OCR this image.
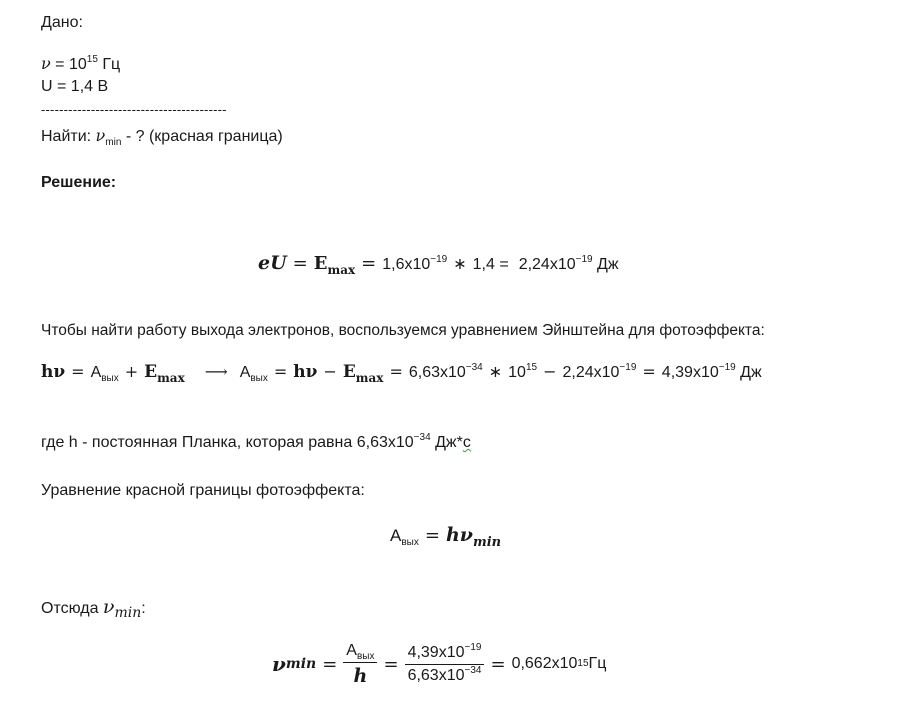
Дано:
$\nu = 10^{15}$ Гц
U = 1,4 В
-----------------------------------------
Найти: $\nu_{min}$ - ? (красная граница)
Решение:
eU = $E_{max} = 1,6x10^{-19}$ ∗ $1,4 = 2,24x10^{-19}$ Дж
Чтобы найти работу выхода электронов, воспользуемся уравнением Эйнштейна для фотоэффекта:
$h\nu = A_{вых} + E_{max}$ ⟶ $A_{вых} = h\nu - E_{max} = 6,63x10^{-34}$ ∗ $10^{15} - 2,24x10^{-19} = 4,39x10^{-19}$ Дж
где h - постоянная Планка, которая равна $6,63x10^{-34}$ Дж*с
Уравнение красной границы фотоэффекта:
$A_{вых} = h\nu_{min}$
Отсюда νmin:
ν $\min = \frac{A_{вых}}{h} = \frac{4,39x10^{-19}}{6,63x10^{-34}} = 0,662x10$ 15 Гц
